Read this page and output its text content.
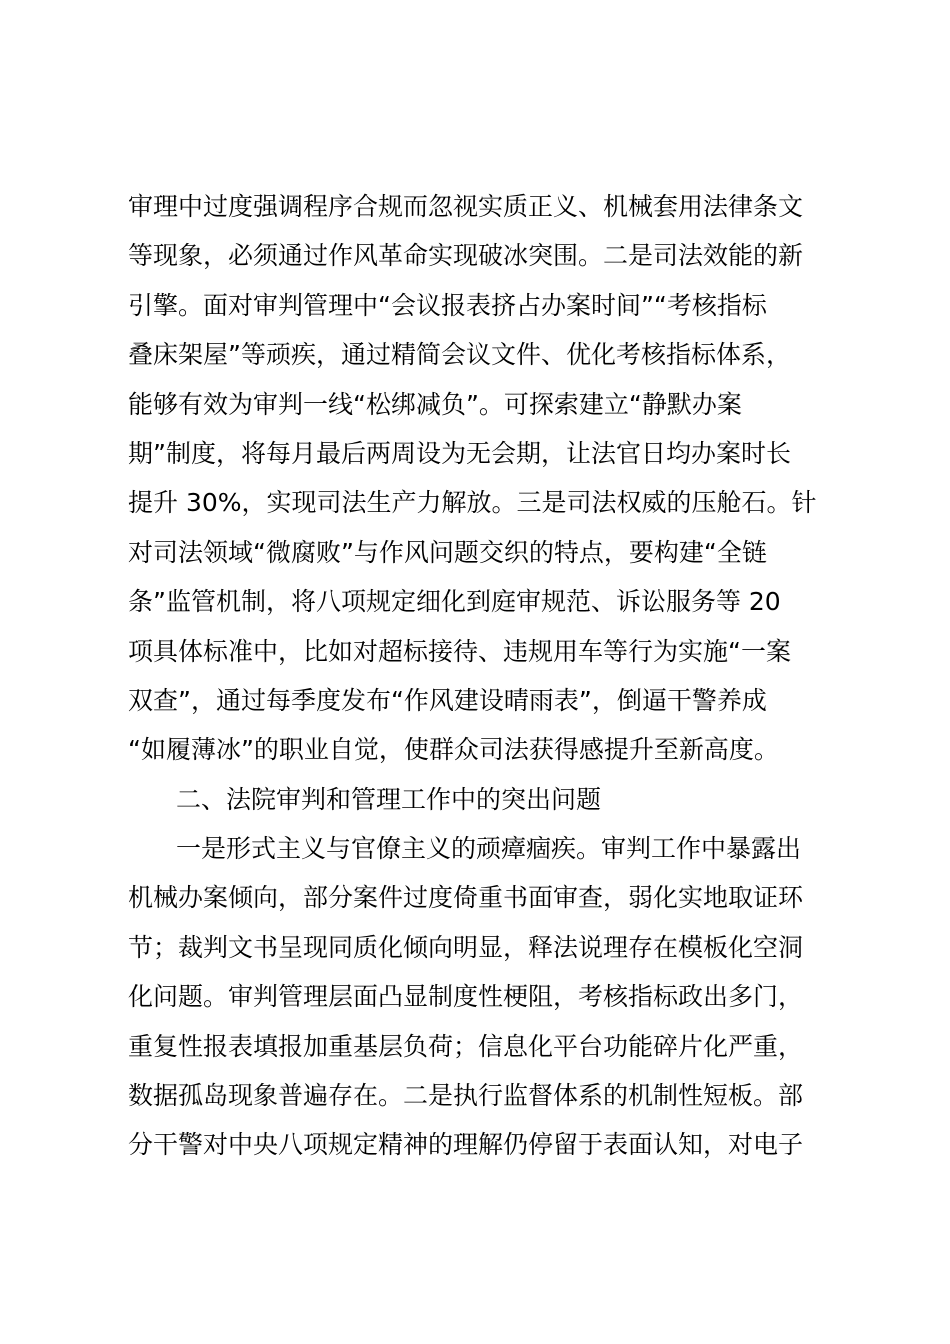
审理中过度强调程序合规而忽视实质正义、机械套用法律条文
等现象，必须通过作风革命实现破冰突围。二是司法效能的新
引擎。面对审判管理中“会议报表挤占办案时间”“考核指标
叠床架屋”等顽疾，通过精简会议文件、优化考核指标体系，
能够有效为审判一线“松绑减负”。可探索建立“静默办案
期”制度，将每月最后两周设为无会期，让法官日均办案时长
提升 30%，实现司法生产力解放。三是司法权威的压舱石。针
对司法领域“微腐败”与作风问题交织的特点，要构建“全链
条”监管机制，将八项规定细化到庭审规范、诉讼服务等 20
项具体标准中，比如对超标接待、违规用车等行为实施“一案
双查”，通过每季度发布“作风建设晴雨表”，倒逼干警养成
“如履薄冰”的职业自觉，使群众司法获得感提升至新高度。
二、法院审判和管理工作中的突出问题
一是形式主义与官僚主义的顽瘴痼疾。审判工作中暴露出
机械办案倾向，部分案件过度倚重书面审查，弱化实地取证环
节；裁判文书呈现同质化倾向明显，释法说理存在模板化空洞
化问题。审判管理层面凸显制度性梗阻，考核指标政出多门，
重复性报表填报加重基层负荷；信息化平台功能碎片化严重，
数据孤岛现象普遍存在。二是执行监督体系的机制性短板。部
分干警对中央八项规定精神的理解仍停留于表面认知，对电子
